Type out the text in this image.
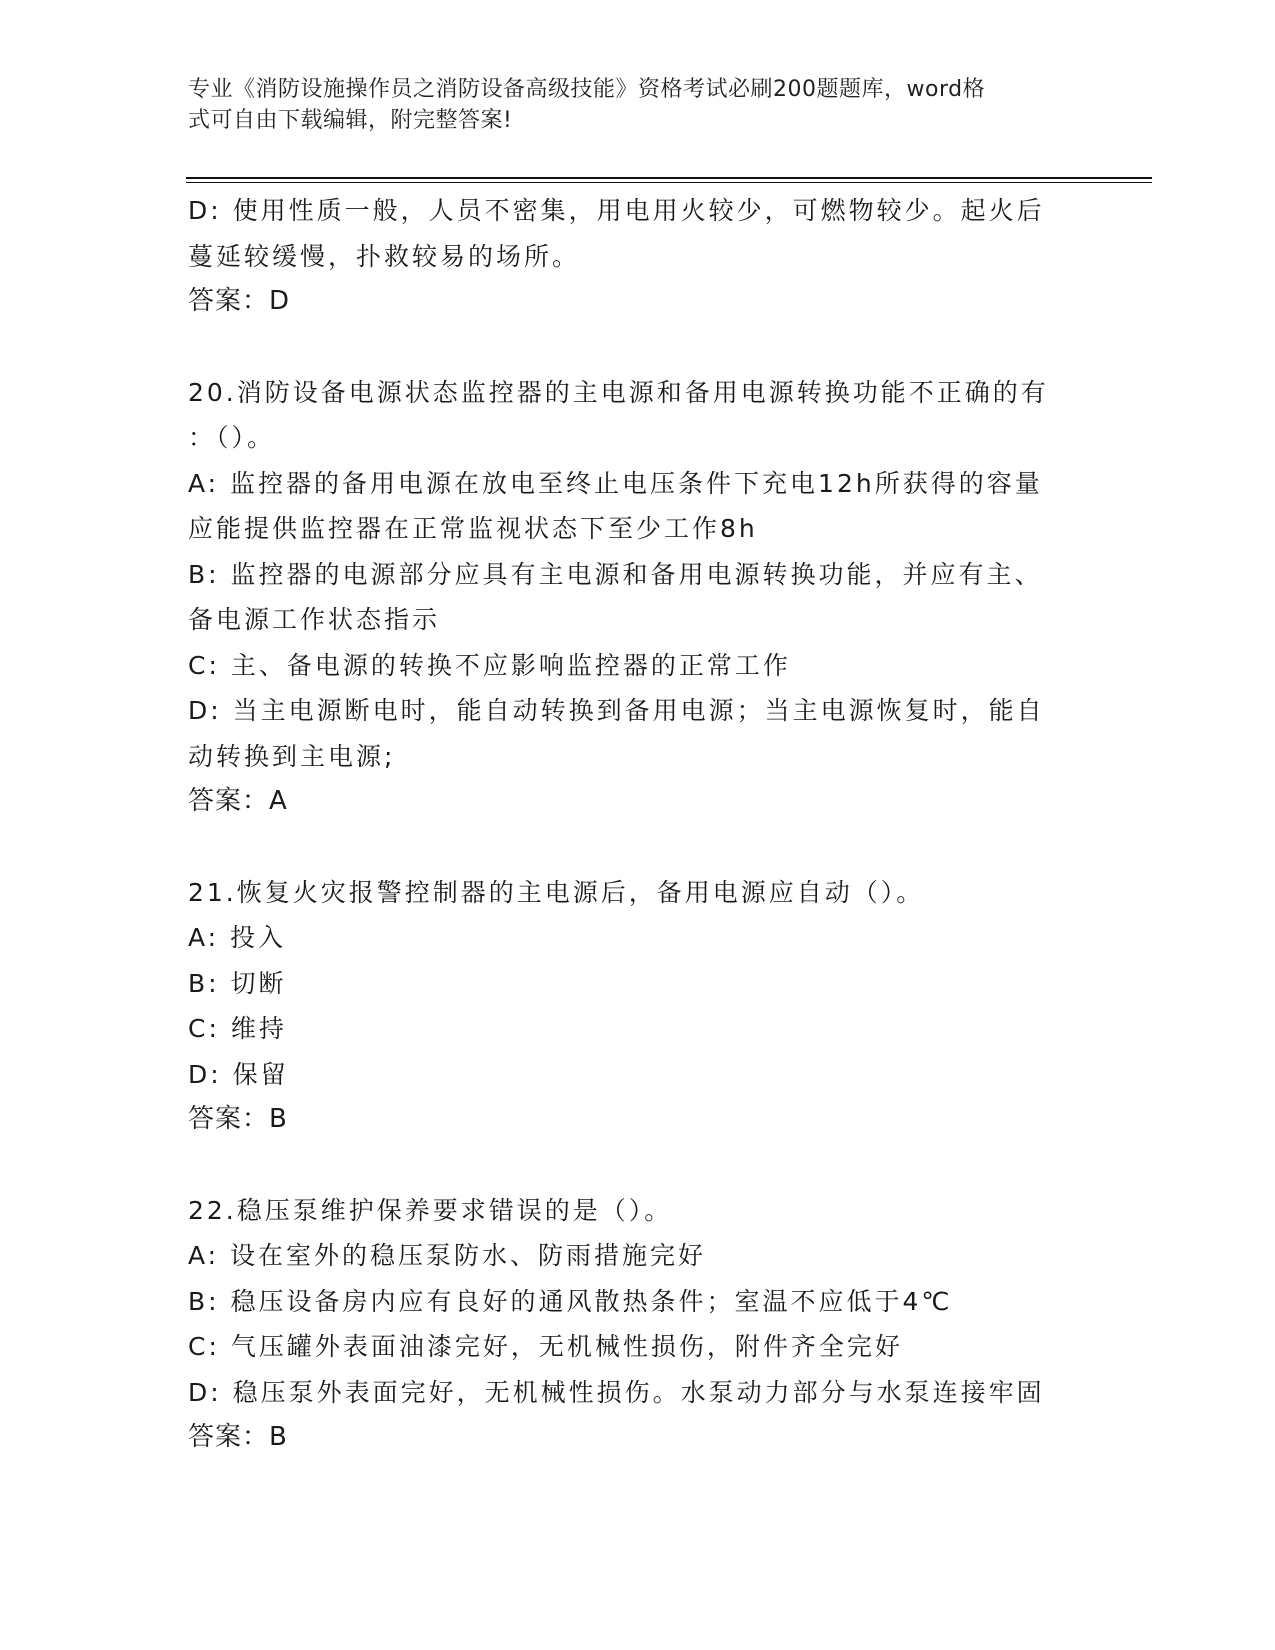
专业《消防设施操作员之消防设备高级技能》资格考试必刷200题题库，word格
式可自由下载编辑，附完整答案!
D: 使用性质一般，人员不密集，用电用火较少，可燃物较少。起火后
蔓延较缓慢，扑救较易的场所。
答案：D
20.消防设备电源状态监控器的主电源和备用电源转换功能不正确的有
：（）。
A: 监控器的备用电源在放电至终止电压条件下充电12h所获得的容量
应能提供监控器在正常监视状态下至少工作8h
B: 监控器的电源部分应具有主电源和备用电源转换功能，并应有主、
备电源工作状态指示
C: 主、备电源的转换不应影响监控器的正常工作
D: 当主电源断电时，能自动转换到备用电源；当主电源恢复时，能自
动转换到主电源;
答案：A
21.恢复火灾报警控制器的主电源后，备用电源应自动（）。
A: 投入
B: 切断
C: 维持
D: 保留
答案：B
22.稳压泵维护保养要求错误的是（）。
A: 设在室外的稳压泵防水、防雨措施完好
B: 稳压设备房内应有良好的通风散热条件；室温不应低于4℃
C: 气压罐外表面油漆完好，无机械性损伤，附件齐全完好
D: 稳压泵外表面完好，无机械性损伤。水泵动力部分与水泵连接牢固
答案：B
